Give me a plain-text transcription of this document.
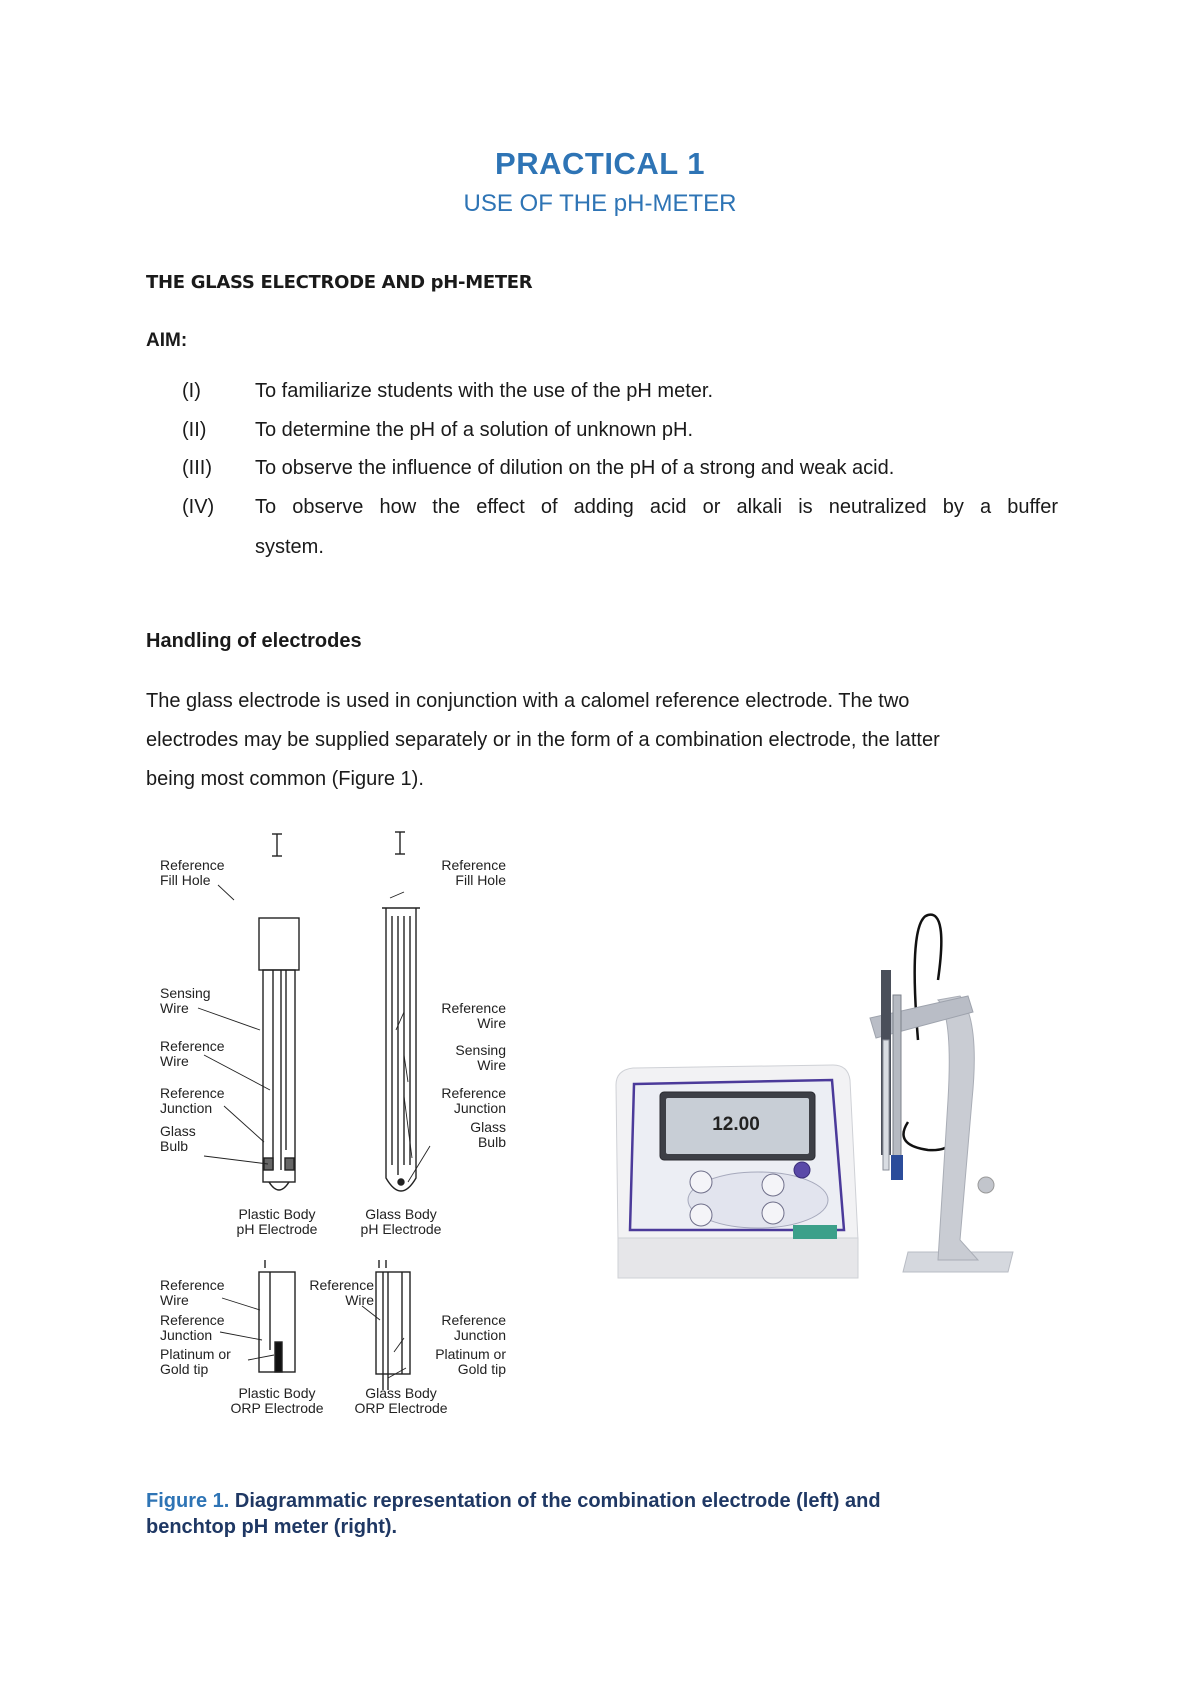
PRACTICAL 1
USE OF THE pH-METER
THE GLASS ELECTRODE AND pH-METER
AIM:
(I)	To familiarize students with the use of the pH meter.
(II) To determine the pH of a solution of unknown pH.
(III) To observe the influence of dilution on the pH of a strong and weak acid.
(IV) To observe how the effect of adding acid or alkali is neutralized by a buffer
system.
Handling of electrodes
The glass electrode is used in conjunction with a calomel reference electrode. The two
electrodes may be supplied separately or in the form of a combination electrode, the latter
being most common (Figure 1).
Reference
Fill Hole
Reference
Fill Hole
Sensing
Wire
Reference
Wire
Reference
Junction
Glass
Bulb
Reference
Wire
Sensing
Wire
Reference
Junction
Glass
Bulb
Plastic Body
pH Electrode
Glass Body
pH Electrode
Reference
Wire
Reference
Junction
Platinum or
Gold tip
Reference
Wire
Reference
Junction
Platinum or
Gold tip
Plastic Body
ORP Electrode
Glass Body
ORP Electrode
12.00
Figure 1. Diagrammatic representation of the combination electrode (left) and
benchtop pH meter (right).
